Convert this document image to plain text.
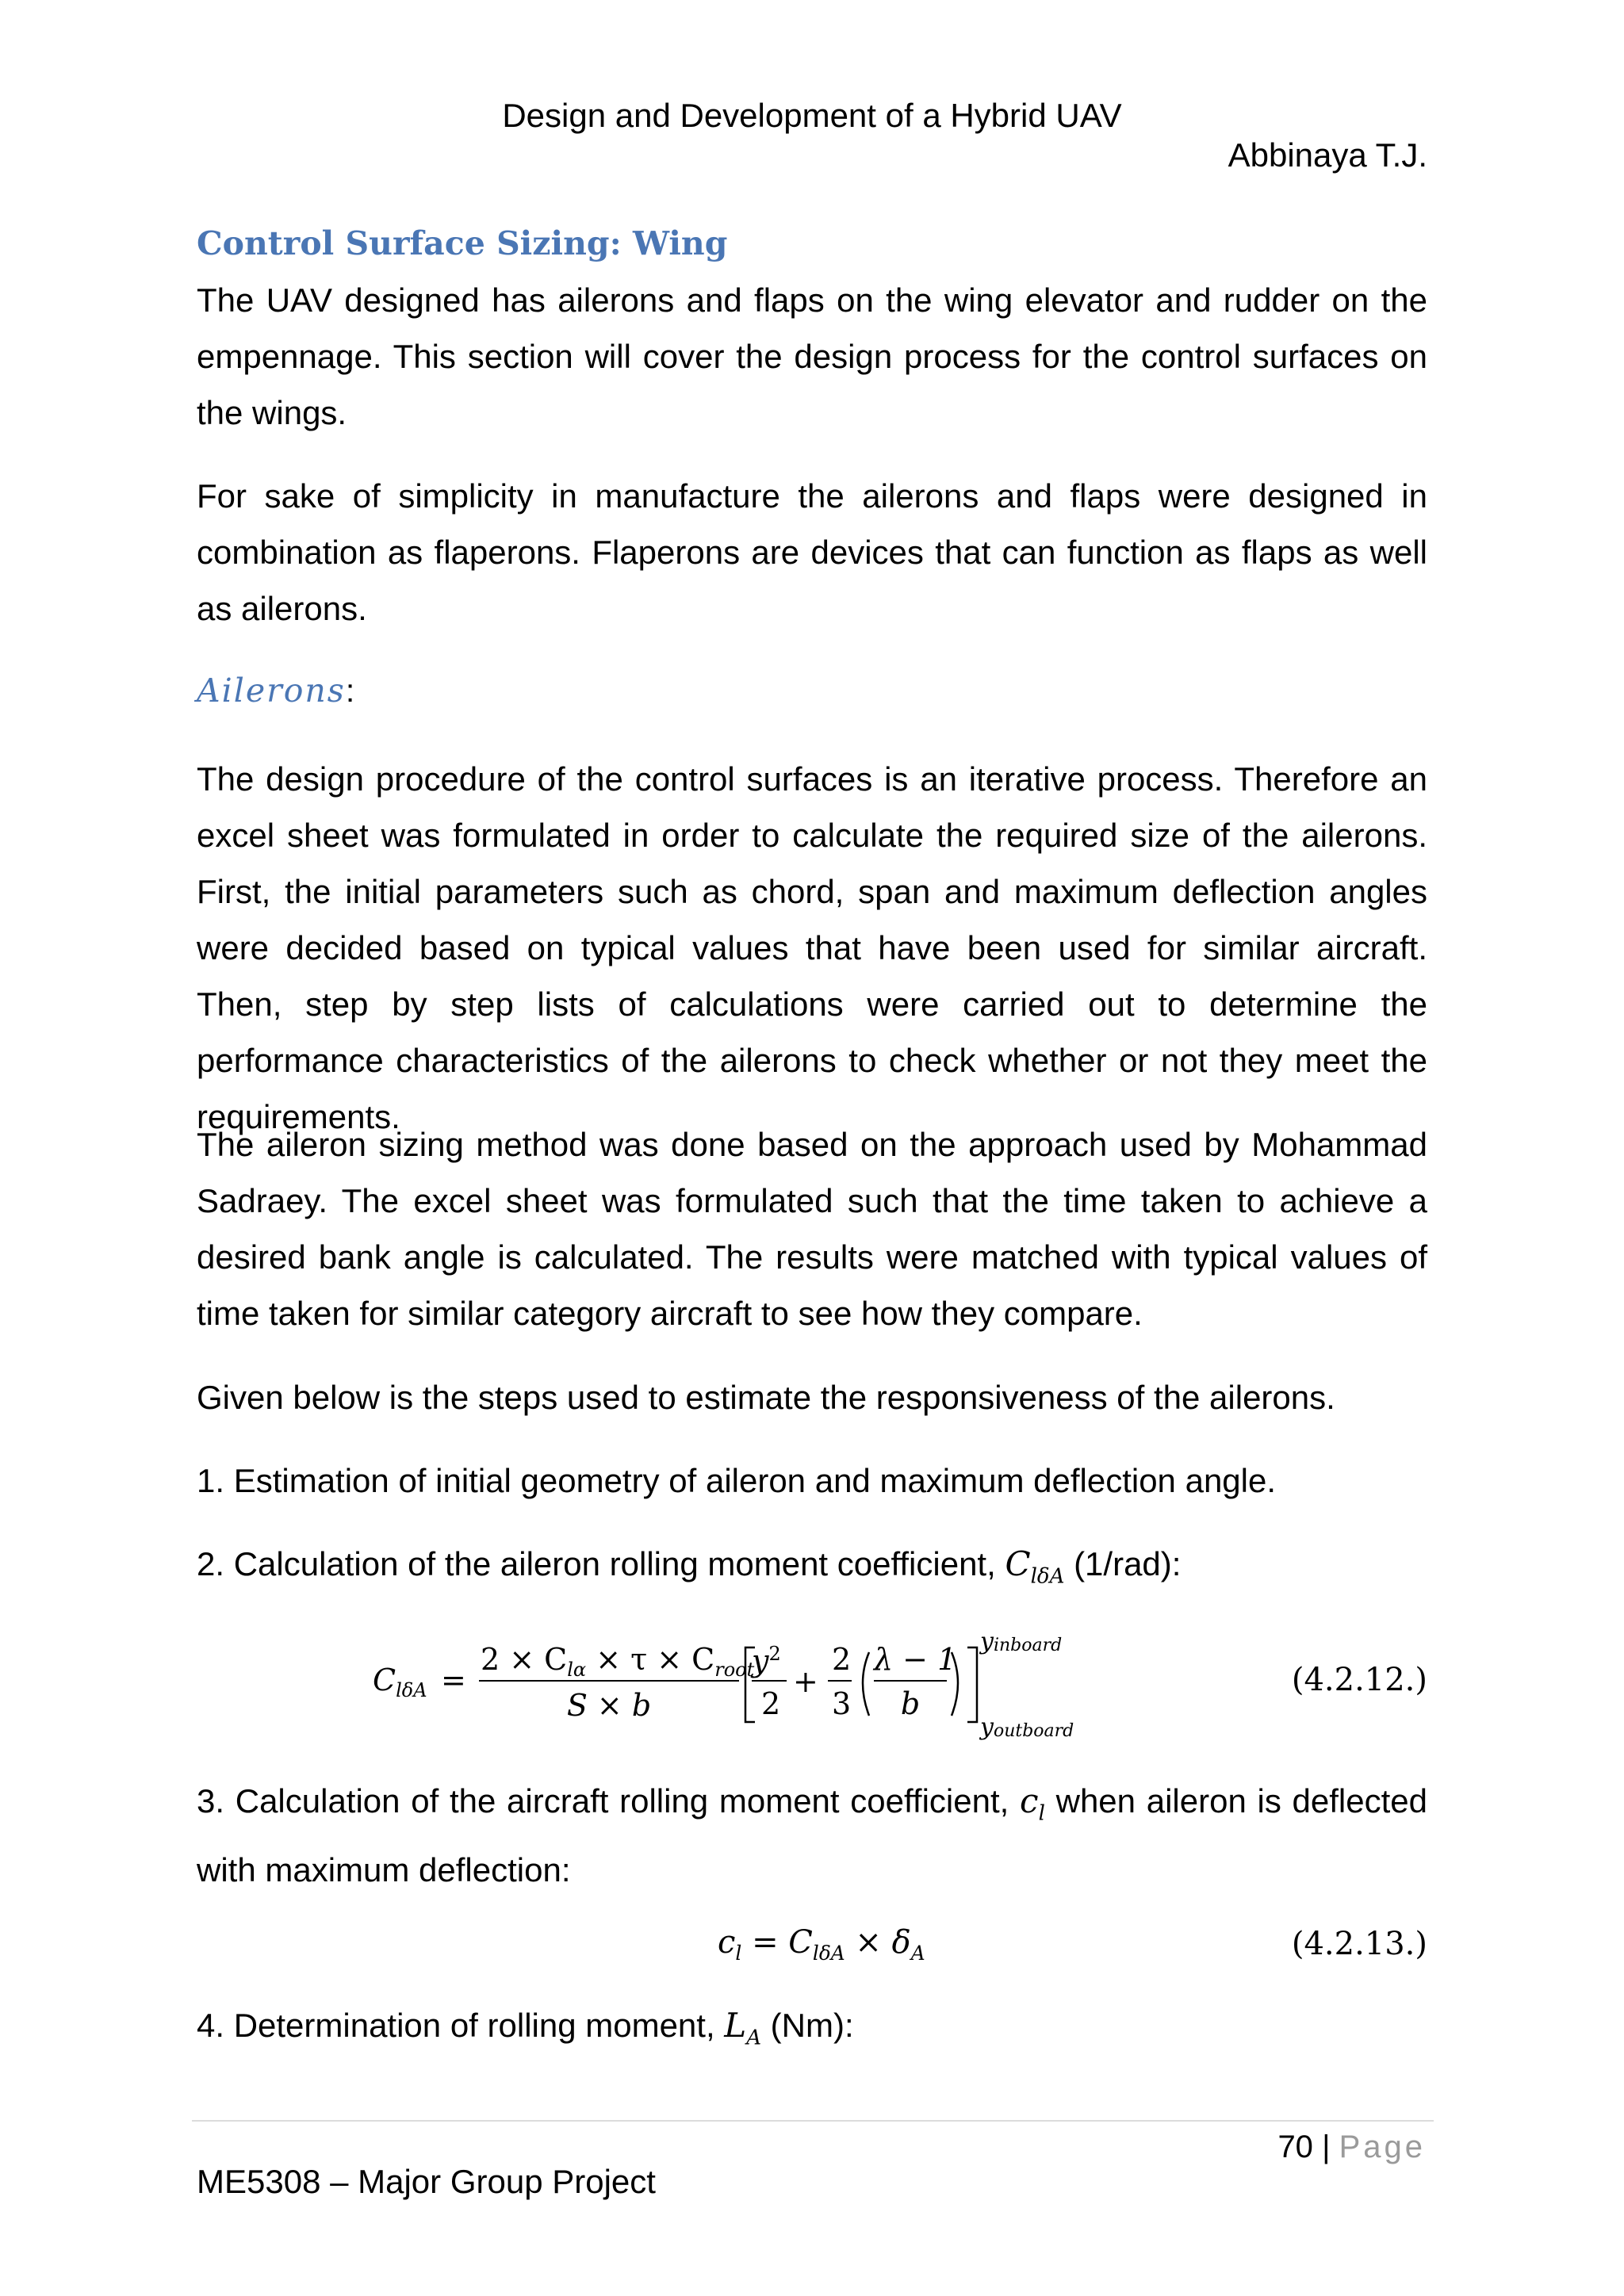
Design and Development of a Hybrid UAV
Abbinaya T.J.
Control Surface Sizing: Wing

The UAV designed has ailerons and flaps on the wing elevator and rudder on the empennage. This section will cover the design process for the control surfaces on the wings.

For sake of simplicity in manufacture the ailerons and flaps were designed in combination as flaperons. Flaperons are devices that can function as flaps as well as ailerons.

Ailerons:

The design procedure of the control surfaces is an iterative process. Therefore an excel sheet was formulated in order to calculate the required size of the ailerons. First, the initial parameters such as chord, span and maximum deflection angles were decided based on typical values that have been used for similar aircraft. Then, step by step lists of calculations were carried out to determine the performance characteristics of the ailerons to check whether or not they meet the requirements.

The aileron sizing method was done based on the approach used by Mohammad Sadraey. The excel sheet was formulated such that the time taken to achieve a desired bank angle is calculated. The results were matched with typical values of time taken for similar category aircraft to see how they compare.

Given below is the steps used to estimate the responsiveness of the ailerons.

1. Estimation of initial geometry of aileron and maximum deflection angle.

2. Calculation of the aileron rolling moment coefficient, $C_{l\delta A}$ (1/rad):

$C_{l\delta A}$ =
$2 \times C_{l\alpha} \times \tau \times C_{root}$
S × b
$y^2$
2
+
2
3
λ − 1
b
yinboard
youtboard
(4.2.12.)

3. Calculation of the aircraft rolling moment coefficient, $c_l$ when aileron is deflected with maximum deflection:

$c_l = C_{l\delta A} \times \delta_A$	(4.2.13.)

4. Determination of rolling moment, $L_A$ (Nm):

70 | Page
ME5308 – Major Group Project
